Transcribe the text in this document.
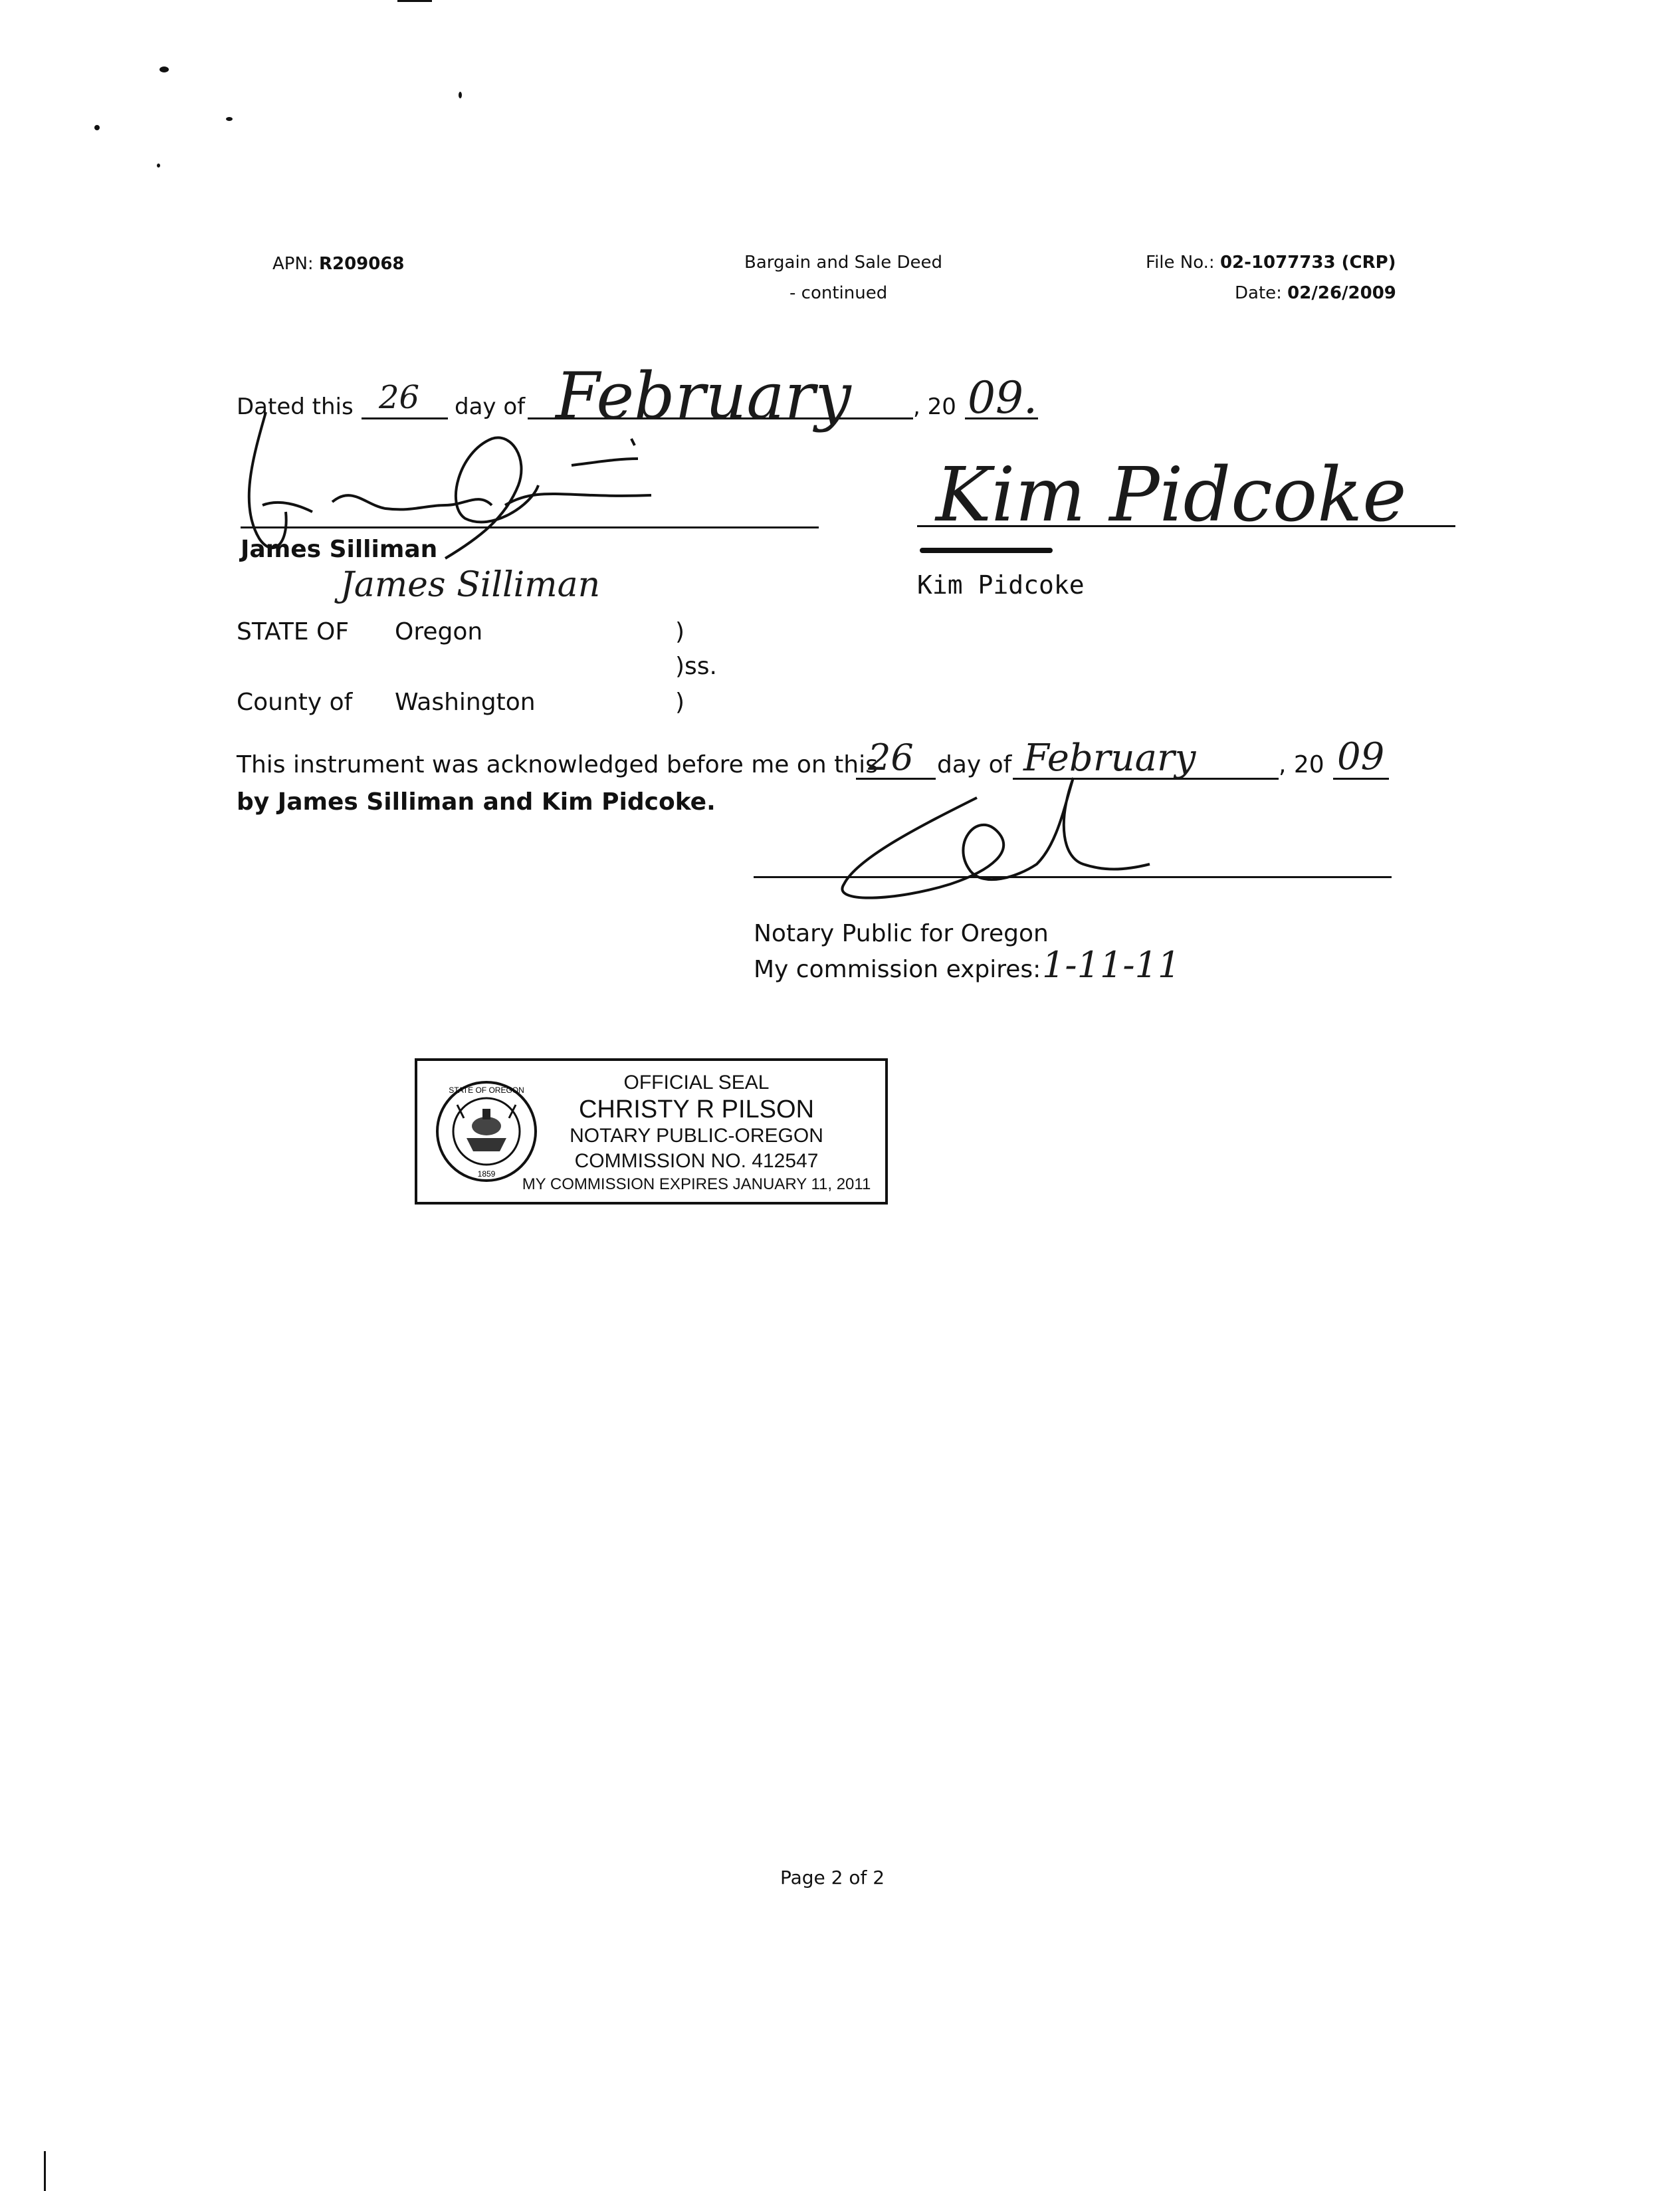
APN: R209068	Bargain and Sale Deed
- continued
File No.: 02-1077733 (CRP)
Date: 02/26/2009
Dated this 26 day of February	, 20 09.
James Silliman
James Silliman
Kim Pidcoke
Kim Pidcoke
STATE OF Oregon	)
)ss.
County of Washington	)
This instrument was acknowledged before me on this
26 day of February	, 20 09
by James Silliman and Kim Pidcoke.
Notary Public for Oregon
My commission expires: 1-11-11
STATE OF OREGON
1859
OFFICIAL SEAL
CHRISTY R PILSON
NOTARY PUBLIC-OREGON
COMMISSION NO. 412547
MY COMMISSION EXPIRES JANUARY 11, 2011
Page 2 of 2
